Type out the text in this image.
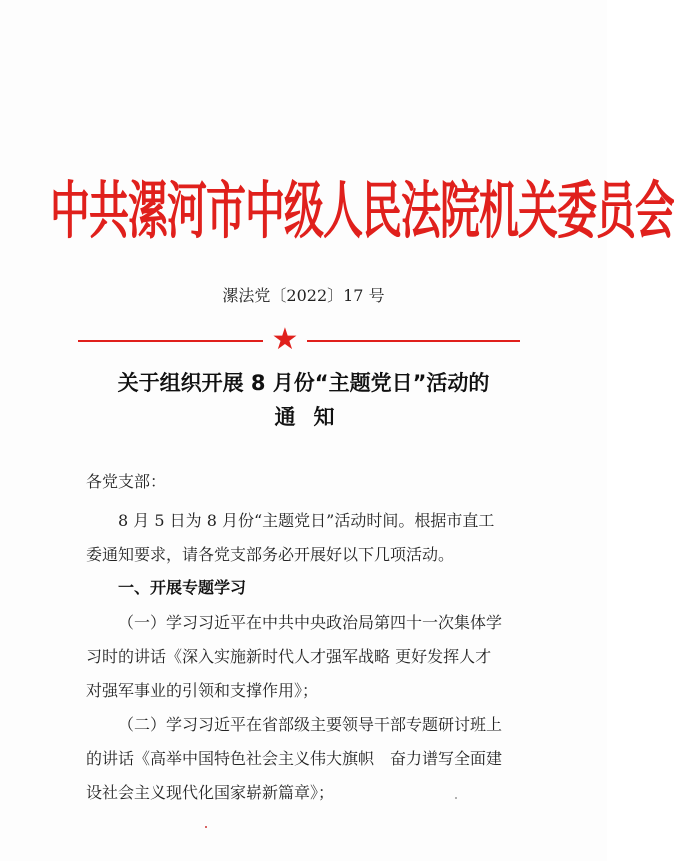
中共漯河市中级人民法院机关委员会
漯法党〔2022〕17 号
★
关于组织开展 8 月份“主题党日”活动的
通知
各党支部：
8 月 5 日为 8 月份“主题党日”活动时间。根据市直工
委通知要求，请各党支部务必开展好以下几项活动。
一、开展专题学习
（一）学习习近平在中共中央政治局第四十一次集体学
习时的讲话《深入实施新时代人才强军战略 更好发挥人才
对强军事业的引领和支撑作用》；
（二）学习习近平在省部级主要领导干部专题研讨班上
的讲话《高举中国特色社会主义伟大旗帜　奋力谱写全面建
设社会主义现代化国家崭新篇章》；
